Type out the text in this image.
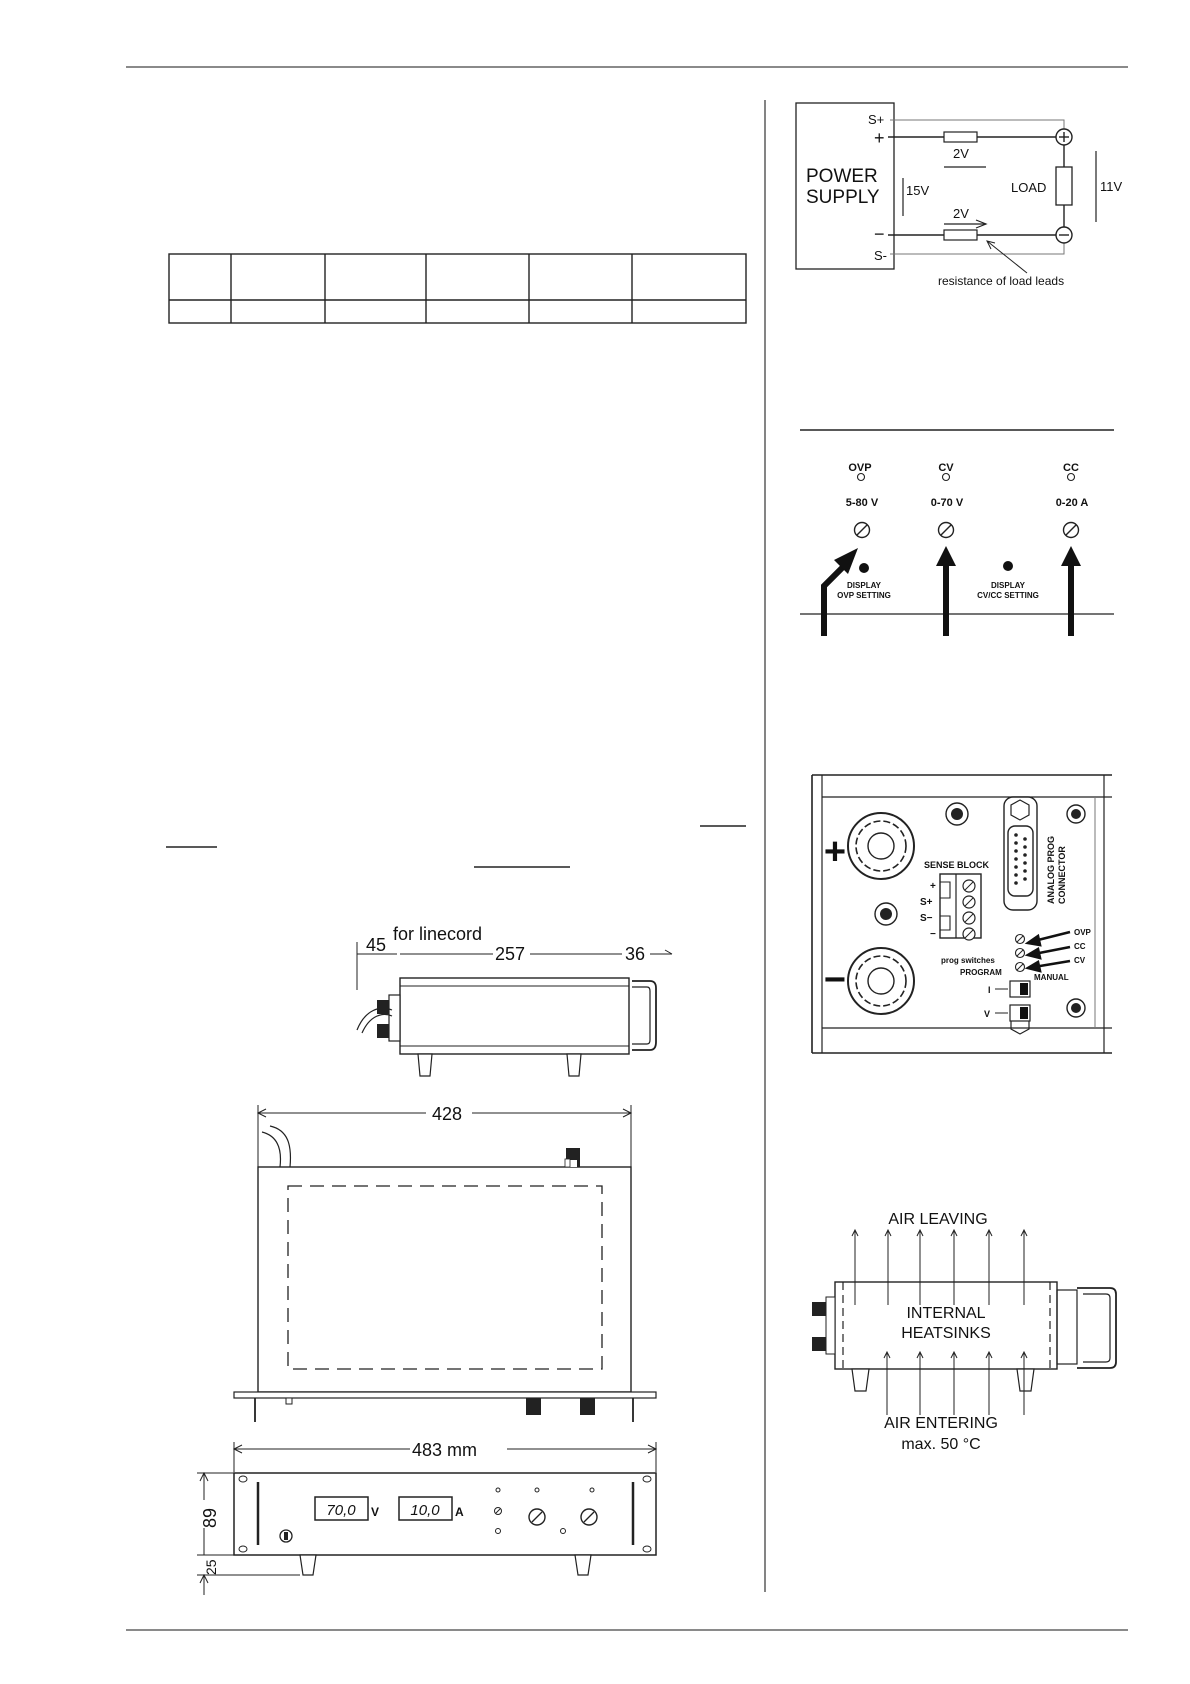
POWER
SUPPLY
S+
+
−
S-
LOAD	11V
15V
2V
2V
resistance of load leads
OVP	CV	CC
5-80 V	0-70 V	0-20 A
DISPLAY
OVP SETTING
DISPLAY
CV/CC SETTING
+
−
ANALOG PROG CONNECTOR
SENSE BLOCK
+
S+
S−
−	OVP
CC
CV
MANUAL
prog switches
PROGRAM
I
V
45
for linecord
257	36
428
483 mm
70,0 V 10,0 A
89
25
AIR LEAVING
INTERNAL
HEATSINKS
AIR ENTERING
max. 50 °C
